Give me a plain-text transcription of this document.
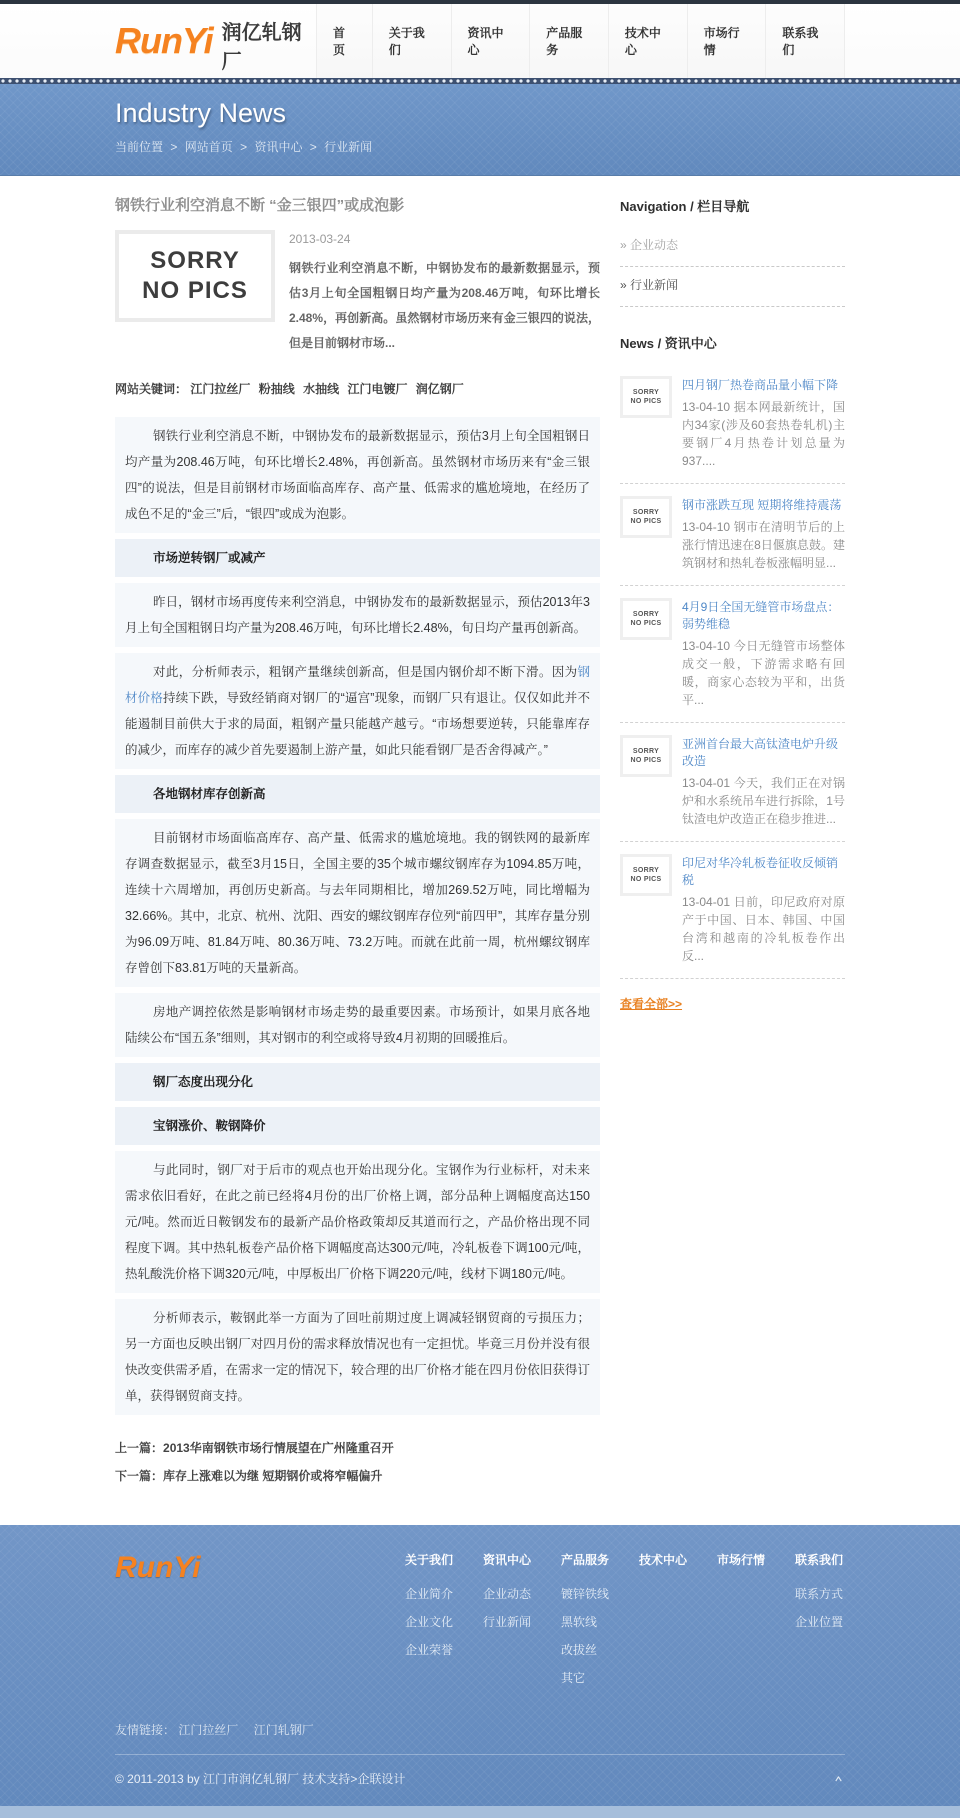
RunYi 润亿轧钢厂
首页
关于我们
资讯中心
产品服务
技术中心
市场行情
联系我们
Industry News
当前位置 > 网站首页 > 资讯中心 > 行业新闻
钢铁行业利空消息不断 “金三银四”或成泡影
SORRY
NO PICS
2013-03-24
钢铁行业利空消息不断，中钢协发布的最新数据显示，预估3月上旬全国粗钢日均产量为208.46万吨，旬环比增长2.48%，再创新高。虽然钢材市场历来有金三银四的说法，但是目前钢材市场...
网站关键词： 江门拉丝厂 粉抽线 水抽线 江门电镀厂 润亿钢厂

钢铁行业利空消息不断，中钢协发布的最新数据显示，预估3月上旬全国粗钢日均产量为208.46万吨，旬环比增长2.48%，再创新高。虽然钢材市场历来有“金三银四”的说法，但是目前钢材市场面临高库存、高产量、低需求的尴尬境地，在经历了成色不足的“金三”后，“银四”或成为泡影。

市场逆转钢厂或减产

昨日，钢材市场再度传来利空消息，中钢协发布的最新数据显示，预估2013年3月上旬全国粗钢日均产量为208.46万吨，旬环比增长2.48%，旬日均产量再创新高。

对此，分析师表示，粗钢产量继续创新高，但是国内钢价却不断下滑。因为钢材价格持续下跌，导致经销商对钢厂的“逼宫”现象，而钢厂只有退让。仅仅如此并不能遏制目前供大于求的局面，粗钢产量只能越产越亏。“市场想要逆转，只能靠库存的减少，而库存的减少首先要遏制上游产量，如此只能看钢厂是否舍得减产。”

各地钢材库存创新高

目前钢材市场面临高库存、高产量、低需求的尴尬境地。我的钢铁网的最新库存调查数据显示，截至3月15日，全国主要的35个城市螺纹钢库存为1094.85万吨，连续十六周增加，再创历史新高。与去年同期相比，增加269.52万吨，同比增幅为32.66%。其中，北京、杭州、沈阳、西安的螺纹钢库存位列“前四甲”，其库存量分别为96.09万吨、81.84万吨、80.36万吨、73.2万吨。而就在此前一周，杭州螺纹钢库存曾创下83.81万吨的天量新高。

房地产调控依然是影响钢材市场走势的最重要因素。市场预计，如果月底各地陆续公布“国五条”细则，其对钢市的利空或将导致4月初期的回暖推后。

钢厂态度出现分化

宝钢涨价、鞍钢降价

与此同时，钢厂对于后市的观点也开始出现分化。宝钢作为行业标杆，对未来需求依旧看好，在此之前已经将4月份的出厂价格上调，部分品种上调幅度高达150元/吨。然而近日鞍钢发布的最新产品价格政策却反其道而行之，产品价格出现不同程度下调。其中热轧板卷产品价格下调幅度高达300元/吨，冷轧板卷下调100元/吨，热轧酸洗价格下调320元/吨，中厚板出厂价格下调220元/吨，线材下调180元/吨。

分析师表示，鞍钢此举一方面为了回吐前期过度上调减轻钢贸商的亏损压力；另一方面也反映出钢厂对四月份的需求释放情况也有一定担忧。毕竟三月份并没有很快改变供需矛盾，在需求一定的情况下，较合理的出厂价格才能在四月份依旧获得订单，获得钢贸商支持。

上一篇：2013华南钢铁市场行情展望在广州隆重召开
下一篇：库存上涨难以为继 短期钢价或将窄幅偏升
Navigation / 栏目导航
» 企业动态
» 行业新闻
News / 资讯中心
SORRY
NO PICS
四月钢厂热卷商品量小幅下降
13-04-10 据本网最新统计，国内34家(涉及60套热卷轧机)主要钢厂4月热卷计划总量为937....
SORRY
NO PICS
钢市涨跌互现 短期将维持震荡
13-04-10 钢市在清明节后的上涨行情迅速在8日偃旗息鼓。建筑钢材和热轧卷板涨幅明显...
SORRY
NO PICS
4月9日全国无缝管市场盘点：弱势维稳
13-04-10 今日无缝管市场整体成交一般，下游需求略有回暖，商家心态较为平和，出货平...
SORRY
NO PICS
亚洲首台最大高钛渣电炉升级改造
13-04-01 今天，我们正在对锅炉和水系统吊车进行拆除，1号钛渣电炉改造正在稳步推进...
SORRY
NO PICS
印尼对华冷轧板卷征收反倾销税
13-04-01 日前，印尼政府对原产于中国、日本、韩国、中国台湾和越南的冷轧板卷作出反...
查看全部>>
RunYi	关于我们
企业简介
企业文化
企业荣誉
资讯中心
企业动态
行业新闻
产品服务
镀锌铁线
黑软线
改拔丝
其它
技术中心 市场行情 联系我们
联系方式
企业位置
友情链接： 江门拉丝厂 江门轧钢厂
© 2011-2013 by 江门市润亿轧钢厂 技术支持>企联设计	＾
